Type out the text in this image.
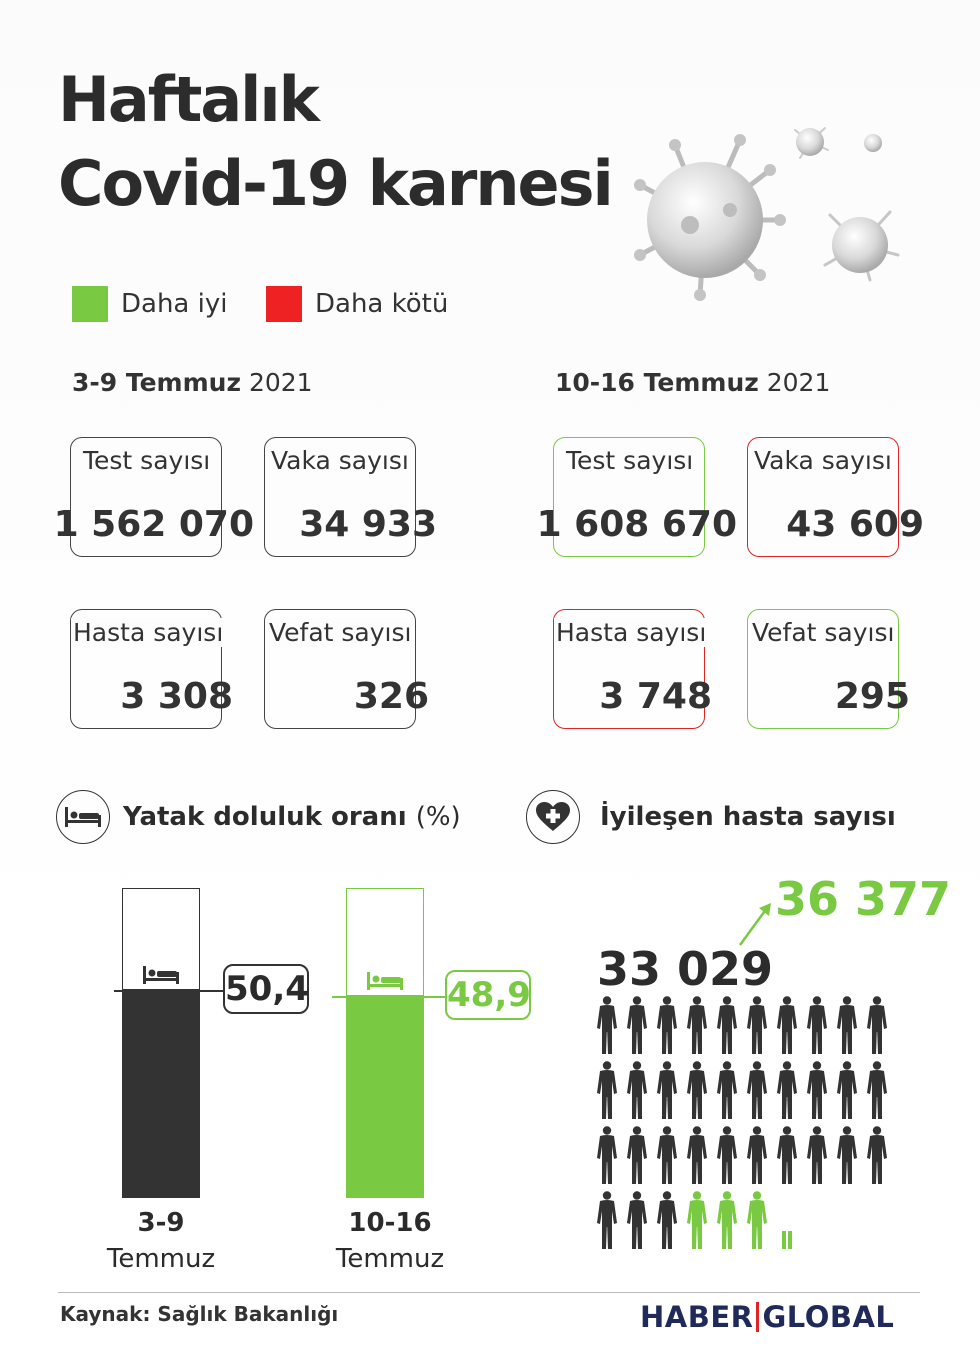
Haftalık
Covid-19 karnesi
Daha iyi	Daha kötü
3-9 Temmuz 2021	10-16 Temmuz 2021
Test sayısı
1 562 070
Vaka sayısı
34 933
Hasta sayısı
3 308
Vefat sayısı
326
Test sayısı
1 608 670
Vaka sayısı
43 609
Hasta sayısı
3 748
Vefat sayısı
295
Yatak doluluk oranı (%)	İyileşen hasta sayısı
50,4
3-9
Temmuz
48,9
10-16
Temmuz
33 029
36 377
Kaynak: Sağlık Bakanlığı	HABER GLOBAL
